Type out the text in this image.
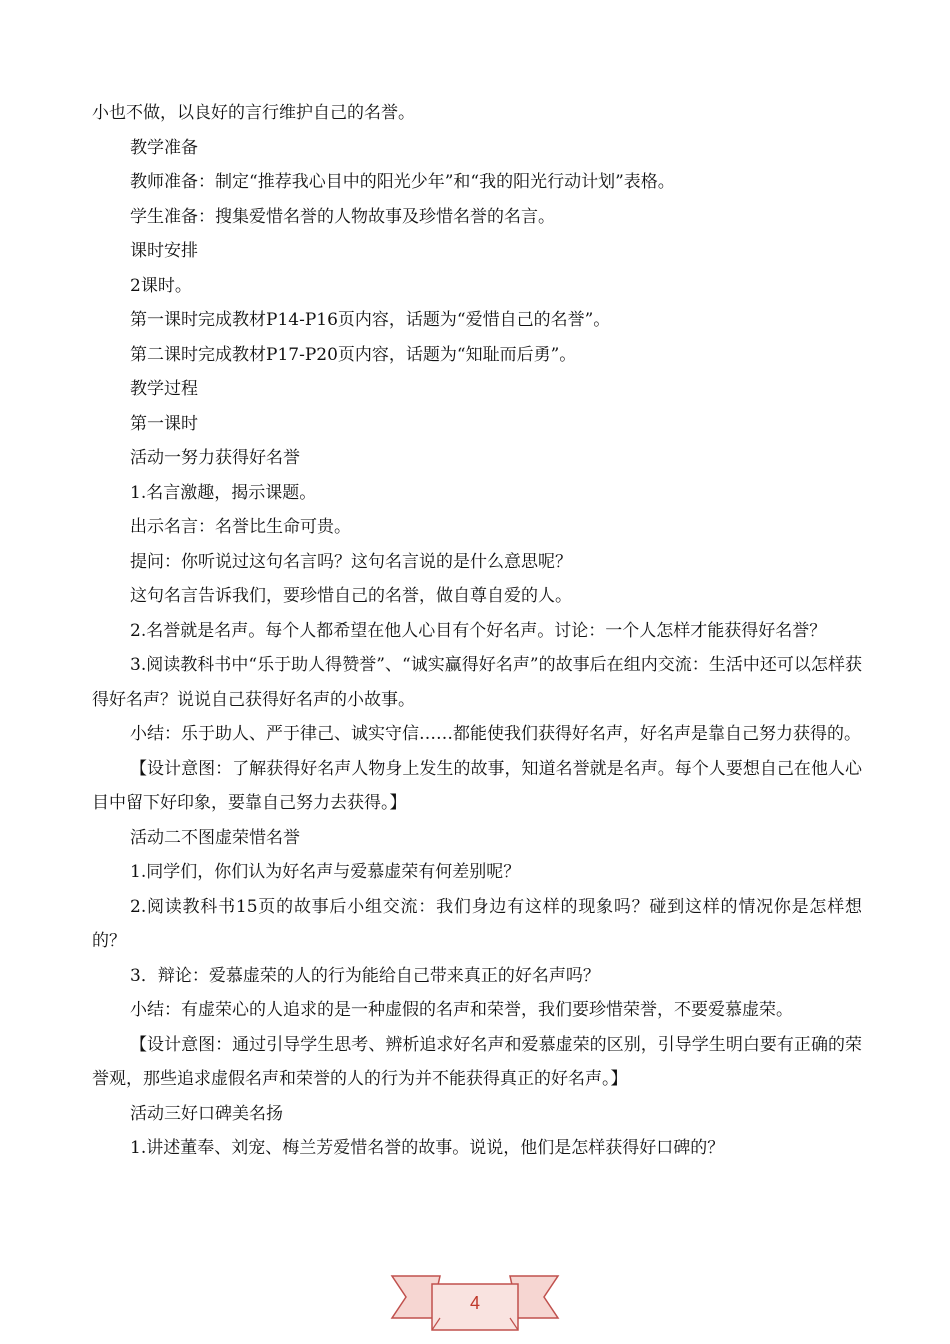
小也不做，以良好的言行维护自己的名誉。

教学准备

教师准备：制定“推荐我心目中的阳光少年”和“我的阳光行动计划”表格。

学生准备：搜集爱惜名誉的人物故事及珍惜名誉的名言。

课时安排

2课时。

第一课时完成教材P14-P16页内容，话题为“爱惜自己的名誉”。

第二课时完成教材P17-P20页内容，话题为“知耻而后勇”。

教学过程

第一课时

活动一努力获得好名誉

1.名言激趣，揭示课题。

出示名言：名誉比生命可贵。

提问：你听说过这句名言吗？这句名言说的是什么意思呢？

这句名言告诉我们，要珍惜自己的名誉，做自尊自爱的人。

2.名誉就是名声。每个人都希望在他人心目有个好名声。讨论：一个人怎样才能获得好名誉？

3.阅读教科书中“乐于助人得赞誉”、“诚实赢得好名声”的故事后在组内交流：生活中还可以怎样获得好名声？说说自己获得好名声的小故事。

小结：乐于助人、严于律己、诚实守信……都能使我们获得好名声，好名声是靠自己努力获得的。

【设计意图：了解获得好名声人物身上发生的故事，知道名誉就是名声。每个人要想自己在他人心目中留下好印象，要靠自己努力去获得。】

活动二不图虚荣惜名誉

1.同学们，你们认为好名声与爱慕虚荣有何差别呢？

2.阅读教科书15页的故事后小组交流：我们身边有这样的现象吗？碰到这样的情况你是怎样想的？

3．辩论：爱慕虚荣的人的行为能给自己带来真正的好名声吗？

小结：有虚荣心的人追求的是一种虚假的名声和荣誉，我们要珍惜荣誉，不要爱慕虚荣。

【设计意图：通过引导学生思考、辨析追求好名声和爱慕虚荣的区别，引导学生明白要有正确的荣誉观，那些追求虚假名声和荣誉的人的行为并不能获得真正的好名声。】

活动三好口碑美名扬

1.讲述董奉、刘宠、梅兰芳爱惜名誉的故事。说说，他们是怎样获得好口碑的？

4
